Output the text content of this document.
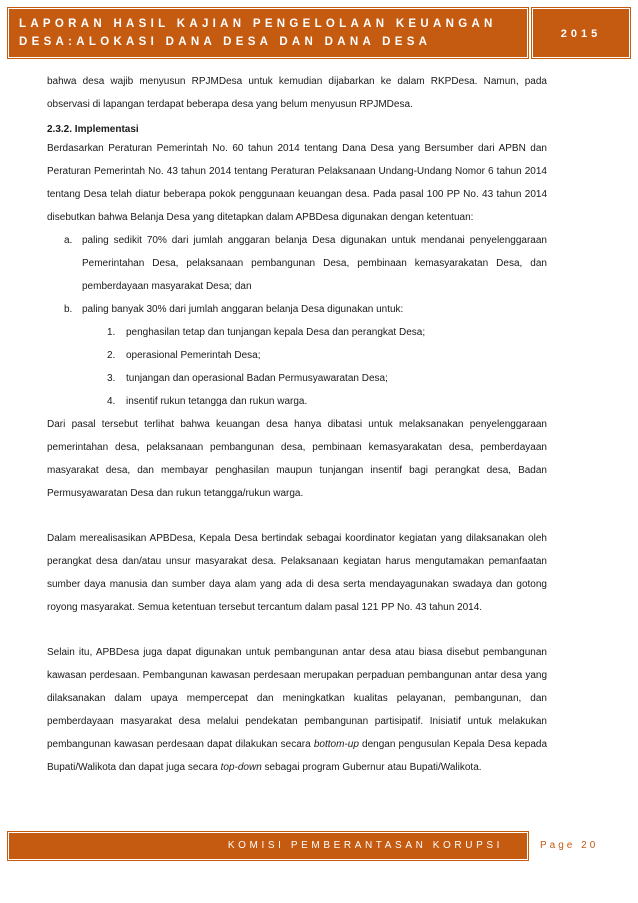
LAPORAN HASIL KAJIAN PENGELOLAAN KEUANGAN
DESA:ALOKASI DANA DESA DAN DANA DESA
2015
bahwa desa wajib menyusun RPJMDesa untuk kemudian dijabarkan ke dalam RKPDesa. Namun, pada observasi di lapangan terdapat beberapa desa yang belum menyusun RPJMDesa.
2.3.2. Implementasi
Berdasarkan Peraturan Pemerintah No. 60 tahun 2014 tentang Dana Desa yang Bersumber dari APBN dan Peraturan Pemerintah No. 43 tahun 2014 tentang Peraturan Pelaksanaan Undang-Undang Nomor 6 tahun 2014 tentang Desa telah diatur beberapa pokok penggunaan keuangan desa. Pada pasal 100 PP No. 43 tahun 2014 disebutkan bahwa Belanja Desa yang ditetapkan dalam APBDesa digunakan dengan ketentuan:
a. paling sedikit 70% dari jumlah anggaran belanja Desa digunakan untuk mendanai penyelenggaraan Pemerintahan Desa, pelaksanaan pembangunan Desa, pembinaan kemasyarakatan Desa, dan pemberdayaan masyarakat Desa; dan
b. paling banyak 30% dari jumlah anggaran belanja Desa digunakan untuk:
1. penghasilan tetap dan tunjangan kepala Desa dan perangkat Desa;
2. operasional Pemerintah Desa;
3. tunjangan dan operasional Badan Permusyawaratan Desa;
4. insentif rukun tetangga dan rukun warga.
Dari pasal tersebut terlihat bahwa keuangan desa hanya dibatasi untuk melaksanakan penyelenggaraan pemerintahan desa, pelaksanaan pembangunan desa, pembinaan kemasyarakatan desa, pemberdayaan masyarakat desa, dan membayar penghasilan maupun tunjangan insentif bagi perangkat desa, Badan Permusyawaratan Desa dan rukun tetangga/rukun warga.
Dalam merealisasikan APBDesa, Kepala Desa bertindak sebagai koordinator kegiatan yang dilaksanakan oleh perangkat desa dan/atau unsur masyarakat desa. Pelaksanaan kegiatan harus mengutamakan pemanfaatan sumber daya manusia dan sumber daya alam yang ada di desa serta mendayagunakan swadaya dan gotong royong masyarakat. Semua ketentuan tersebut tercantum dalam pasal 121 PP No. 43 tahun 2014.
Selain itu, APBDesa juga dapat digunakan untuk pembangunan antar desa atau biasa disebut pembangunan kawasan perdesaan. Pembangunan kawasan perdesaan merupakan perpaduan pembangunan antar desa yang dilaksanakan dalam upaya mempercepat dan meningkatkan kualitas pelayanan, pembangunan, dan pemberdayaan masyarakat desa melalui pendekatan pembangunan partisipatif. Inisiatif untuk melakukan pembangunan kawasan perdesaan dapat dilakukan secara bottom-up dengan pengusulan Kepala Desa kepada Bupati/Walikota dan dapat juga secara top-down sebagai program Gubernur atau Bupati/Walikota.
KOMISI PEMBERANTASAN KORUPSI	Page 20
